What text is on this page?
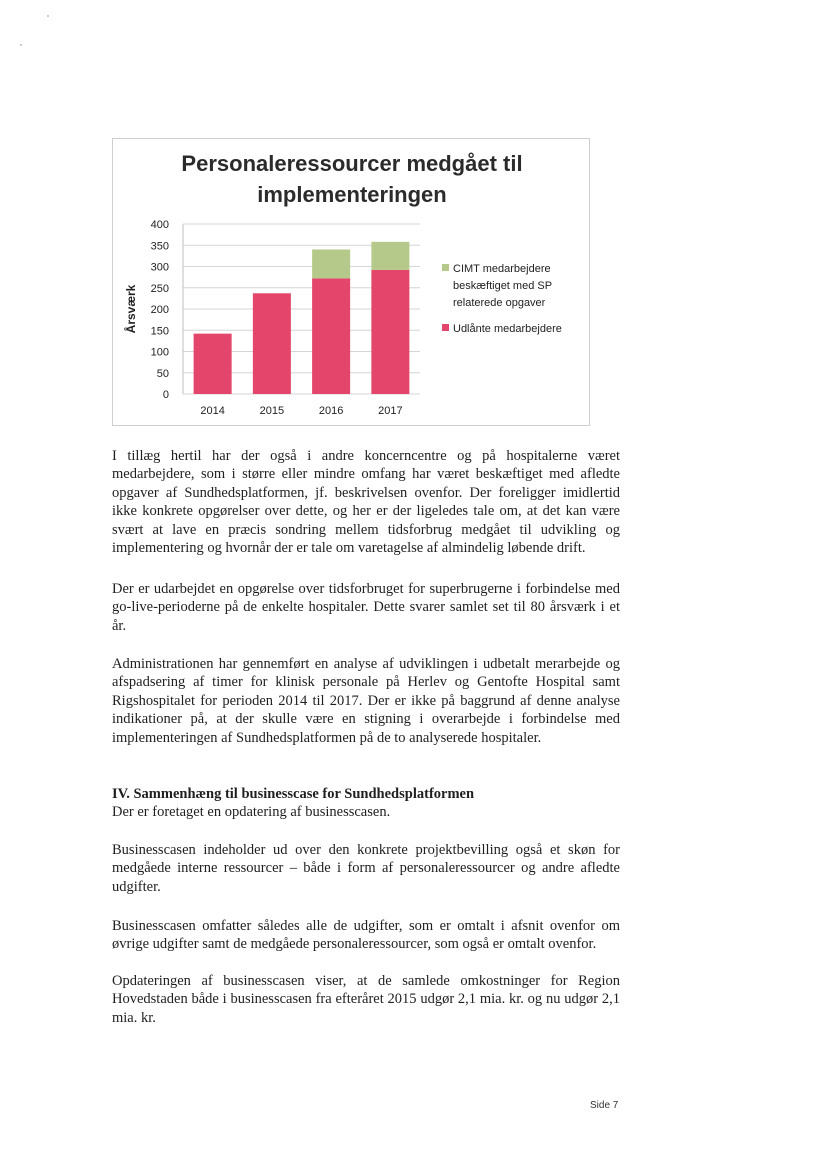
Personaleressourcer medgået til
implementeringen
0
50
100
150
200
250
300
350
400
Årsværk
2014	2015	2016	2017
CIMT medarbejdere
beskæftiget med SP
relaterede opgaver
Udlånte medarbejdere

I tillæg hertil har der også i andre koncerncentre og på hospitalerne været medarbejdere, som i større eller mindre omfang har været beskæftiget med afledte opgaver af Sundhedsplatformen, jf. beskrivelsen ovenfor. Der foreligger imidlertid ikke konkrete opgørelser over dette, og her er der ligeledes tale om, at det kan være svært at lave en præcis sondring mellem tidsforbrug medgået til udvikling og implementering og hvornår der er tale om varetagelse af almindelig løbende drift.

Der er udarbejdet en opgørelse over tidsforbruget for superbrugerne i forbindelse med go-live-perioderne på de enkelte hospitaler. Dette svarer samlet set til 80 årsværk i et år.

Administrationen har gennemført en analyse af udviklingen i udbetalt merarbejde og afspadsering af timer for klinisk personale på Herlev og Gentofte Hospital samt Rigshospitalet for perioden 2014 til 2017. Der er ikke på baggrund af denne analyse indikationer på, at der skulle være en stigning i overarbejde i forbindelse med implementeringen af Sundhedsplatformen på de to analyserede hospitaler.

IV. Sammenhæng til businesscase for Sundhedsplatformen

Der er foretaget en opdatering af businesscasen.

Businesscasen indeholder ud over den konkrete projektbevilling også et skøn for medgåede interne ressourcer – både i form af personaleressourcer og andre afledte udgifter.

Businesscasen omfatter således alle de udgifter, som er omtalt i afsnit ovenfor om øvrige udgifter samt de medgåede personaleressourcer, som også er omtalt ovenfor.

Opdateringen af businesscasen viser, at de samlede omkostninger for Region Hovedstaden både i businesscasen fra efteråret 2015 udgør 2,1 mia. kr. og nu udgør 2,1 mia. kr.

Side 7
